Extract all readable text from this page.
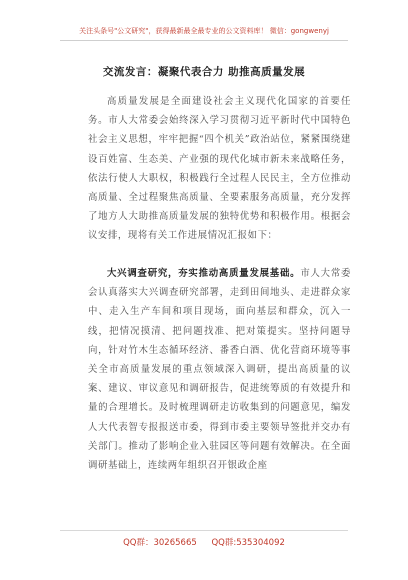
关注头条号"公文研究"，获得最新最全最专业的公文资料库！ 微信：gongwenyj
交流发言：凝聚代表合力 助推高质量发展

高质量发展是全面建设社会主义现代化国家的首要任务。市人大常委会始终深入学习贯彻习近平新时代中国特色社会主义思想，牢牢把握“四个机关”政治站位，紧紧围绕建设百姓富、生态美、产业强的现代化城市新未来战略任务，依法行使人大职权，积极践行全过程人民民主，全方位推动高质量、全过程聚焦高质量、全要素服务高质量，充分发挥了地方人大助推高质量发展的独特优势和积极作用。根据会议安排，现将有关工作进展情况汇报如下：

大兴调查研究，夯实推动高质量发展基础。市人大常委会认真落实大兴调查研究部署，走到田间地头、走进群众家中、走入生产车间和项目现场，面向基层和群众，沉入一线，把情况摸清、把问题找准、把对策提实。坚持问题导向，针对竹木生态循环经济、番香白酒、优化营商环境等事关全市高质量发展的重点领域深入调研，提出高质量的议案、建议、审议意见和调研报告，促进统筹质的有效提升和量的合理增长。及时梳理调研走访收集到的问题意见，编发人大代表智专报报送市委，得到市委主要领导签批并交办有关部门。推动了影响企业入驻园区等问题有效解决。在全面调研基础上，连续两年组织召开银政企座

QQ群：30265665 QQ群:535304092
